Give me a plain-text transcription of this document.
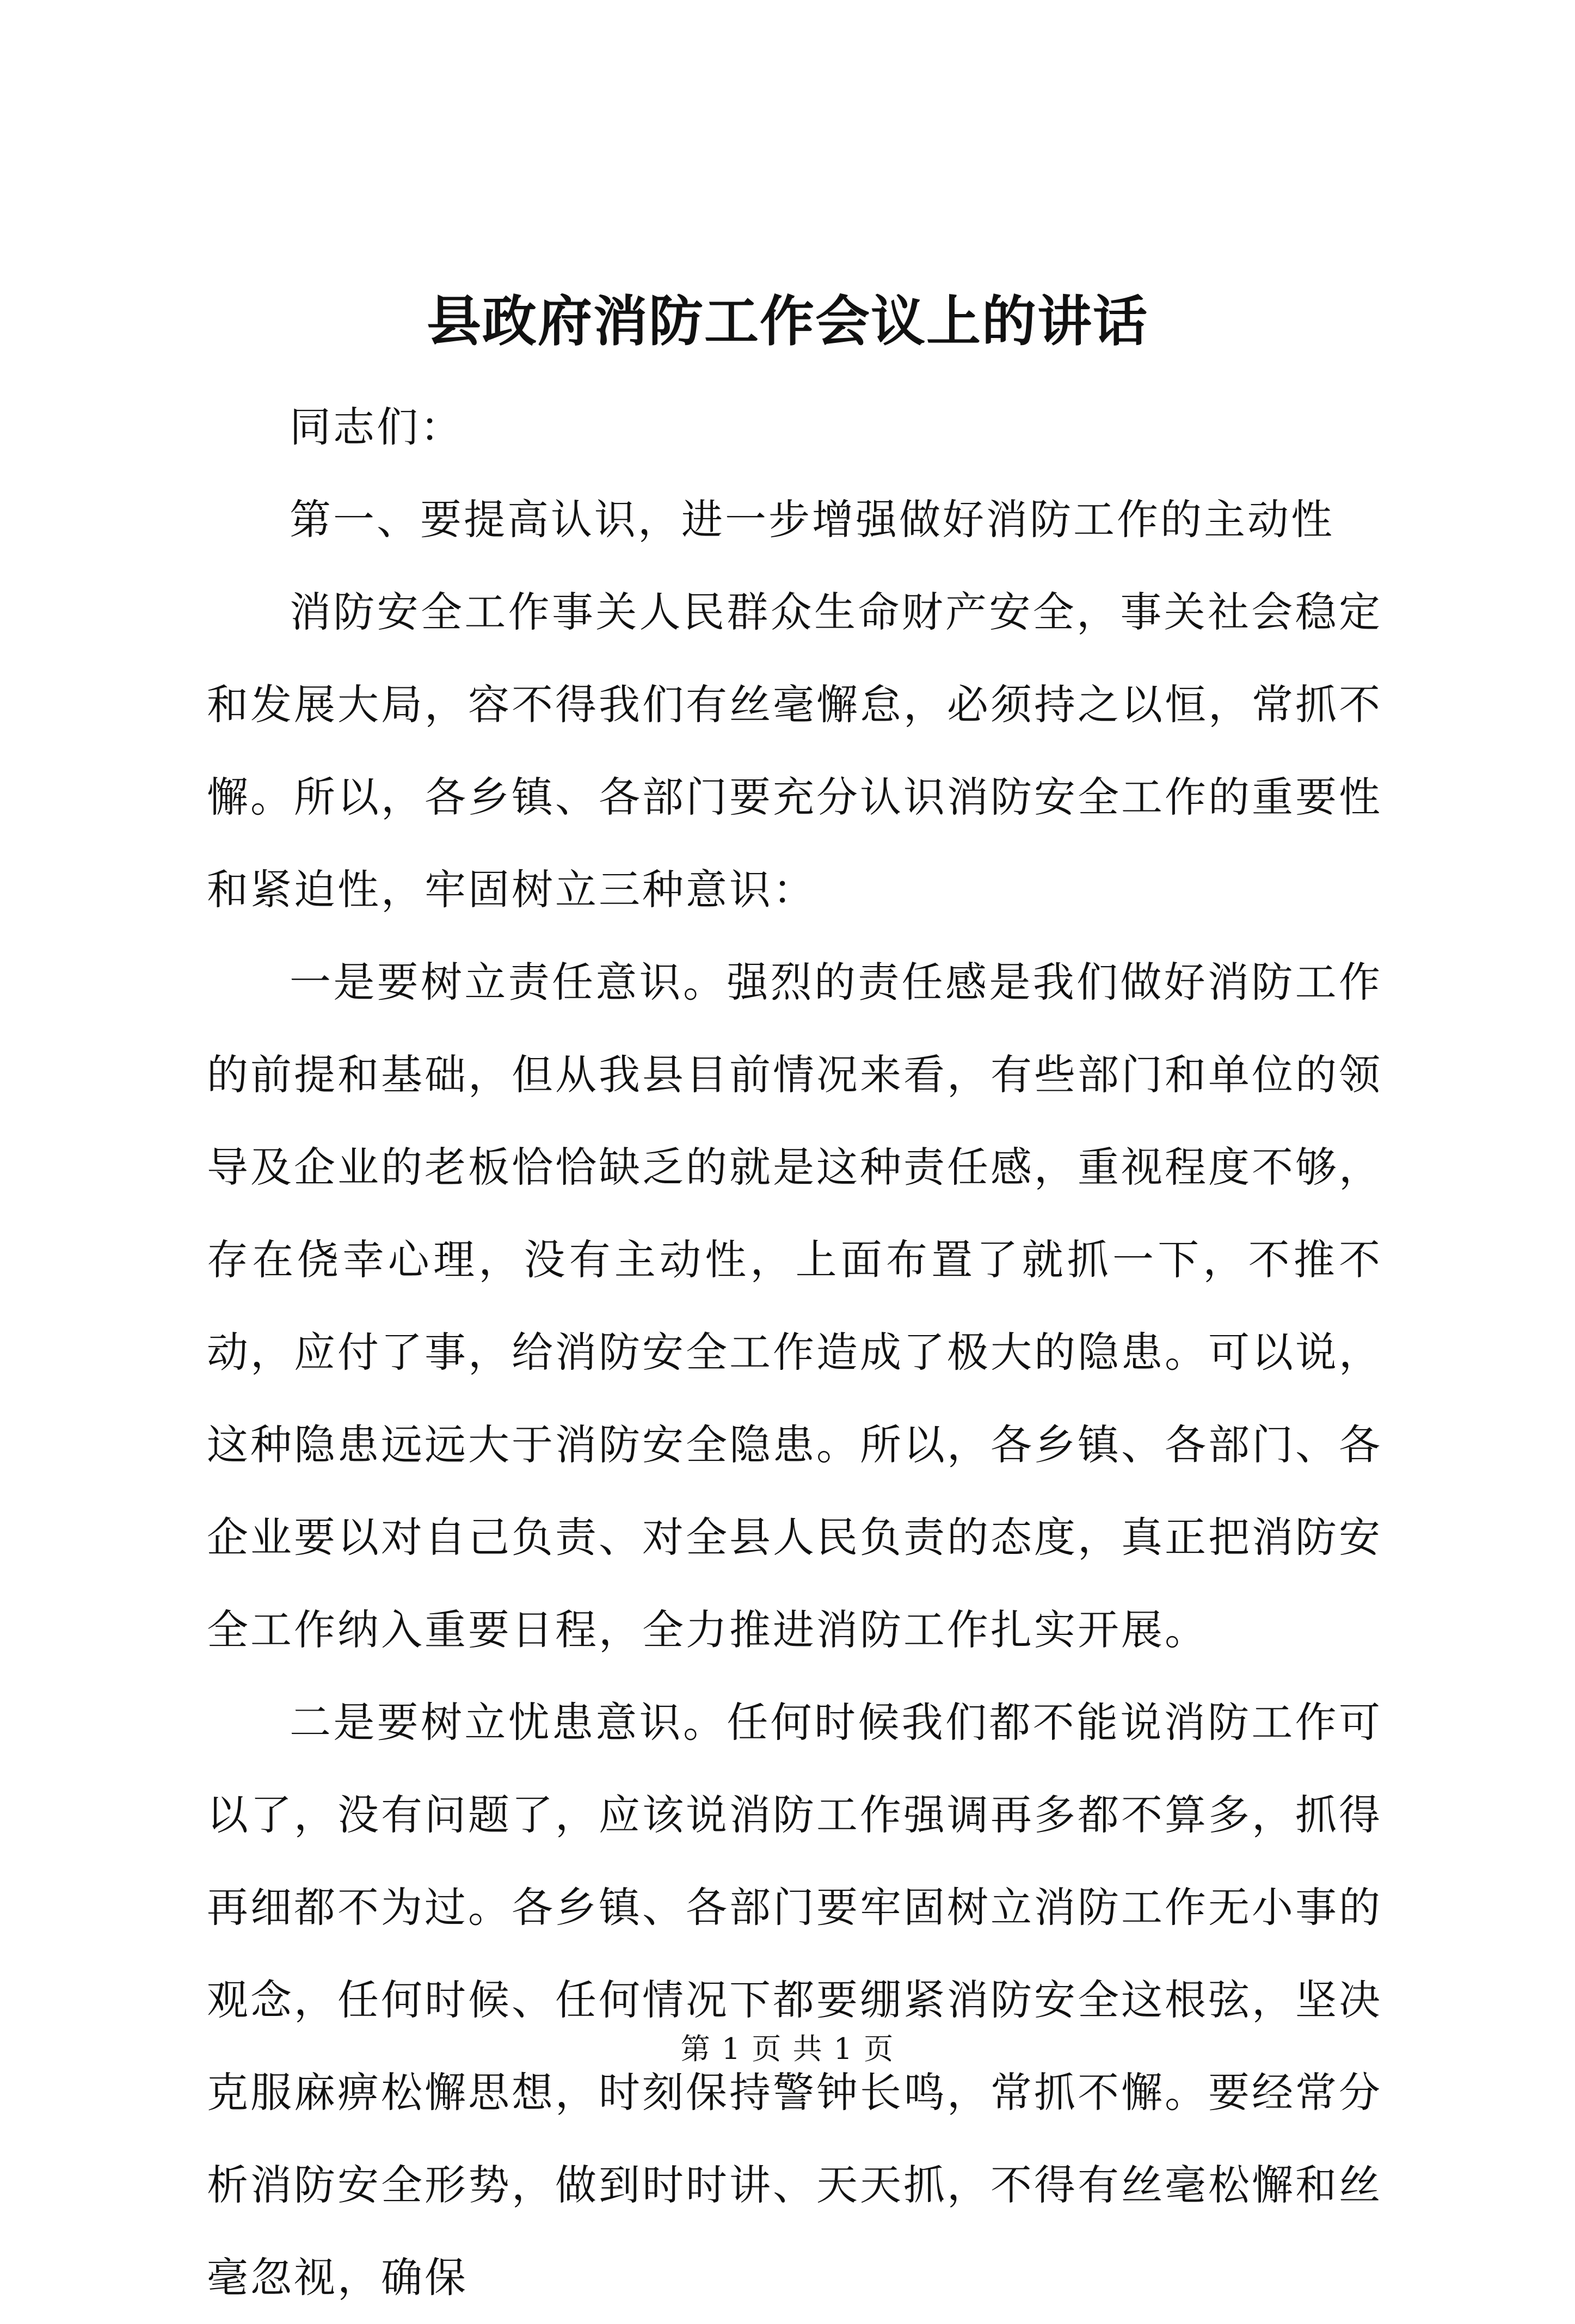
县政府消防工作会议上的讲话

同志们：

第一、要提高认识，进一步增强做好消防工作的主动性

消防安全工作事关人民群众生命财产安全，事关社会稳定和发展大局，容不得我们有丝毫懈怠，必须持之以恒，常抓不懈。所以，各乡镇、各部门要充分认识消防安全工作的重要性和紧迫性，牢固树立三种意识：

一是要树立责任意识。强烈的责任感是我们做好消防工作的前提和基础，但从我县目前情况来看，有些部门和单位的领导及企业的老板恰恰缺乏的就是这种责任感，重视程度不够，存在侥幸心理，没有主动性，上面布置了就抓一下，不推不动，应付了事，给消防安全工作造成了极大的隐患。可以说，这种隐患远远大于消防安全隐患。所以，各乡镇、各部门、各企业要以对自己负责、对全县人民负责的态度，真正把消防安全工作纳入重要日程，全力推进消防工作扎实开展。

二是要树立忧患意识。任何时候我们都不能说消防工作可以了，没有问题了，应该说消防工作强调再多都不算多，抓得再细都不为过。各乡镇、各部门要牢固树立消防工作无小事的观念，任何时候、任何情况下都要绷紧消防安全这根弦，坚决克服麻痹松懈思想，时刻保持警钟长鸣，常抓不懈。要经常分析消防安全形势，做到时时讲、天天抓，不得有丝毫松懈和丝毫忽视，确保

第 1 页 共 1 页
